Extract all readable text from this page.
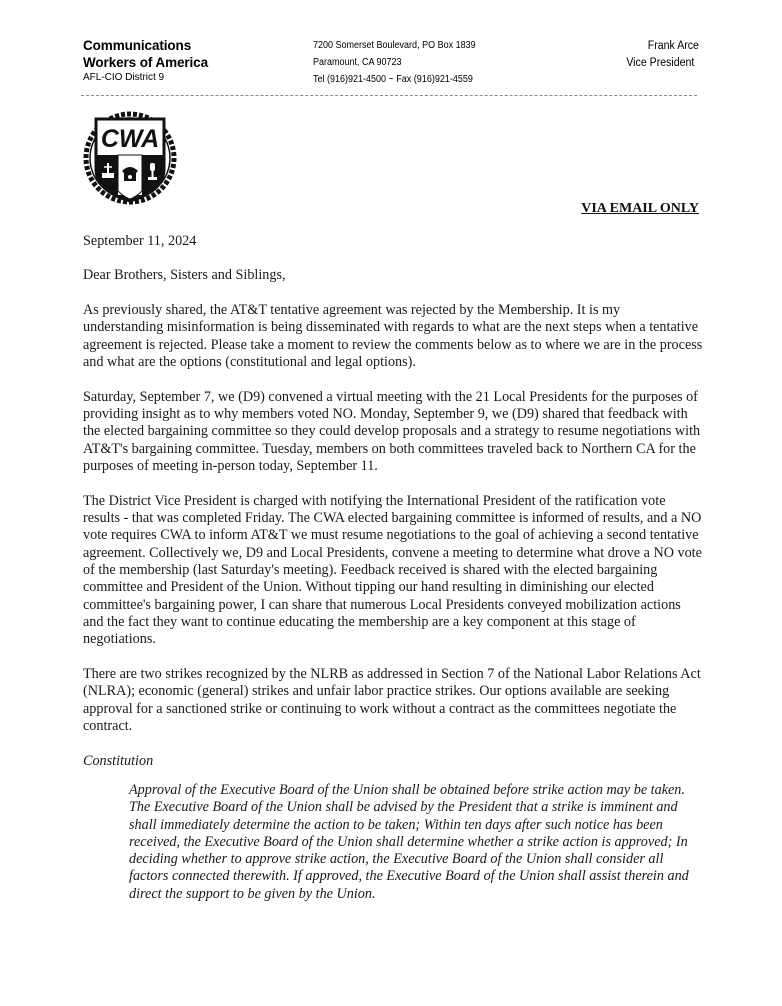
Communications
Workers of America
AFL-CIO District 9
7200 Somerset Boulevard, PO Box 1839
Paramount, CA 90723
Tel (916)921-4500 ~ Fax (916)921-4559
Frank Arce
Vice President
CWA
VIA EMAIL ONLY

September 11, 2024

Dear Brothers, Sisters and Siblings,

As previously shared, the AT&T tentative agreement was rejected by the Membership. It is my understanding misinformation is being disseminated with regards to what are the next steps when a tentative agreement is rejected. Please take a moment to review the comments below as to where we are in the process and what are the options (constitutional and legal options).

Saturday, September 7, we (D9) convened a virtual meeting with the 21 Local Presidents for the purposes of providing insight as to why members voted NO. Monday, September 9, we (D9) shared that feedback with the elected bargaining committee so they could develop proposals and a strategy to resume negotiations with AT&T's bargaining committee. Tuesday, members on both committees traveled back to Northern CA for the purposes of meeting in-person today, September 11.

The District Vice President is charged with notifying the International President of the ratification vote results - that was completed Friday. The CWA elected bargaining committee is informed of results, and a NO vote requires CWA to inform AT&T we must resume negotiations to the goal of achieving a second tentative agreement. Collectively we, D9 and Local Presidents, convene a meeting to determine what drove a NO vote of the membership (last Saturday's meeting). Feedback received is shared with the elected bargaining committee and President of the Union. Without tipping our hand resulting in diminishing our elected committee's bargaining power, I can share that numerous Local Presidents conveyed mobilization actions and the fact they want to continue educating the membership are a key component at this stage of negotiations.

There are two strikes recognized by the NLRB as addressed in Section 7 of the National Labor Relations Act (NLRA); economic (general) strikes and unfair labor practice strikes. Our options available are seeking approval for a sanctioned strike or continuing to work without a contract as the committees negotiate the contract.

Constitution

Approval of the Executive Board of the Union shall be obtained before strike action may be taken. The Executive Board of the Union shall be advised by the President that a strike is imminent and shall immediately determine the action to be taken; Within ten days after such notice has been received, the Executive Board of the Union shall determine whether a strike action is approved; In deciding whether to approve strike action, the Executive Board of the Union shall consider all factors connected therewith. If approved, the Executive Board of the Union shall assist therein and direct the support to be given by the Union.
